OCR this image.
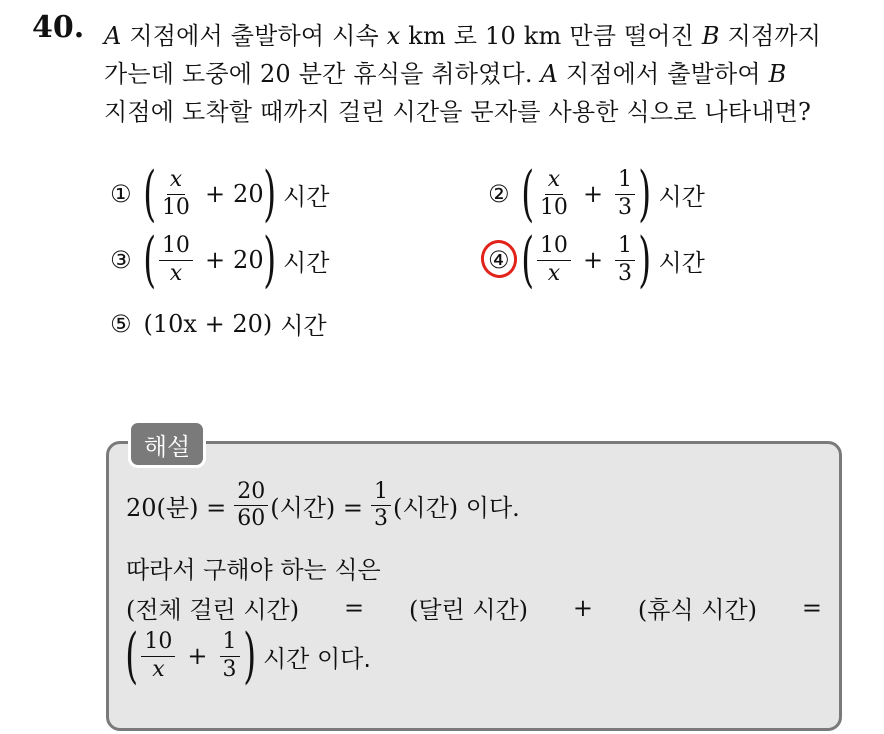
40. A 지점에서 출발하여 시속 x km 로 10 km 만큼 떨어진 B 지점까지
가는데 도중에 20 분간 휴식을 취하였다. A 지점에서 출발하여 B
지점에 도착할 때까지 걸린 시간을 문자를 사용한 식으로 나타내면?
① ( $\frac{x}{10} + 20$ ) 시간	② ( $\frac{x}{10} + \frac{1}{3}$ ) 시간
③ ( $\frac{10}{x} + 20$ ) 시간	④ ( $\frac{10}{x} + \frac{1}{3}$ ) 시간
⑤ (10x + 20) 시간
해설
20(분) = $\frac{20}{60}$ (시간) = $\frac{1}{3}$ (시간) 이다.
따라서 구해야 하는 식은
(전체 걸린 시간) = (달린 시간) + (휴식 시간) =
( $\frac{10}{x} + \frac{1}{3}$ ) 시간 이다.
